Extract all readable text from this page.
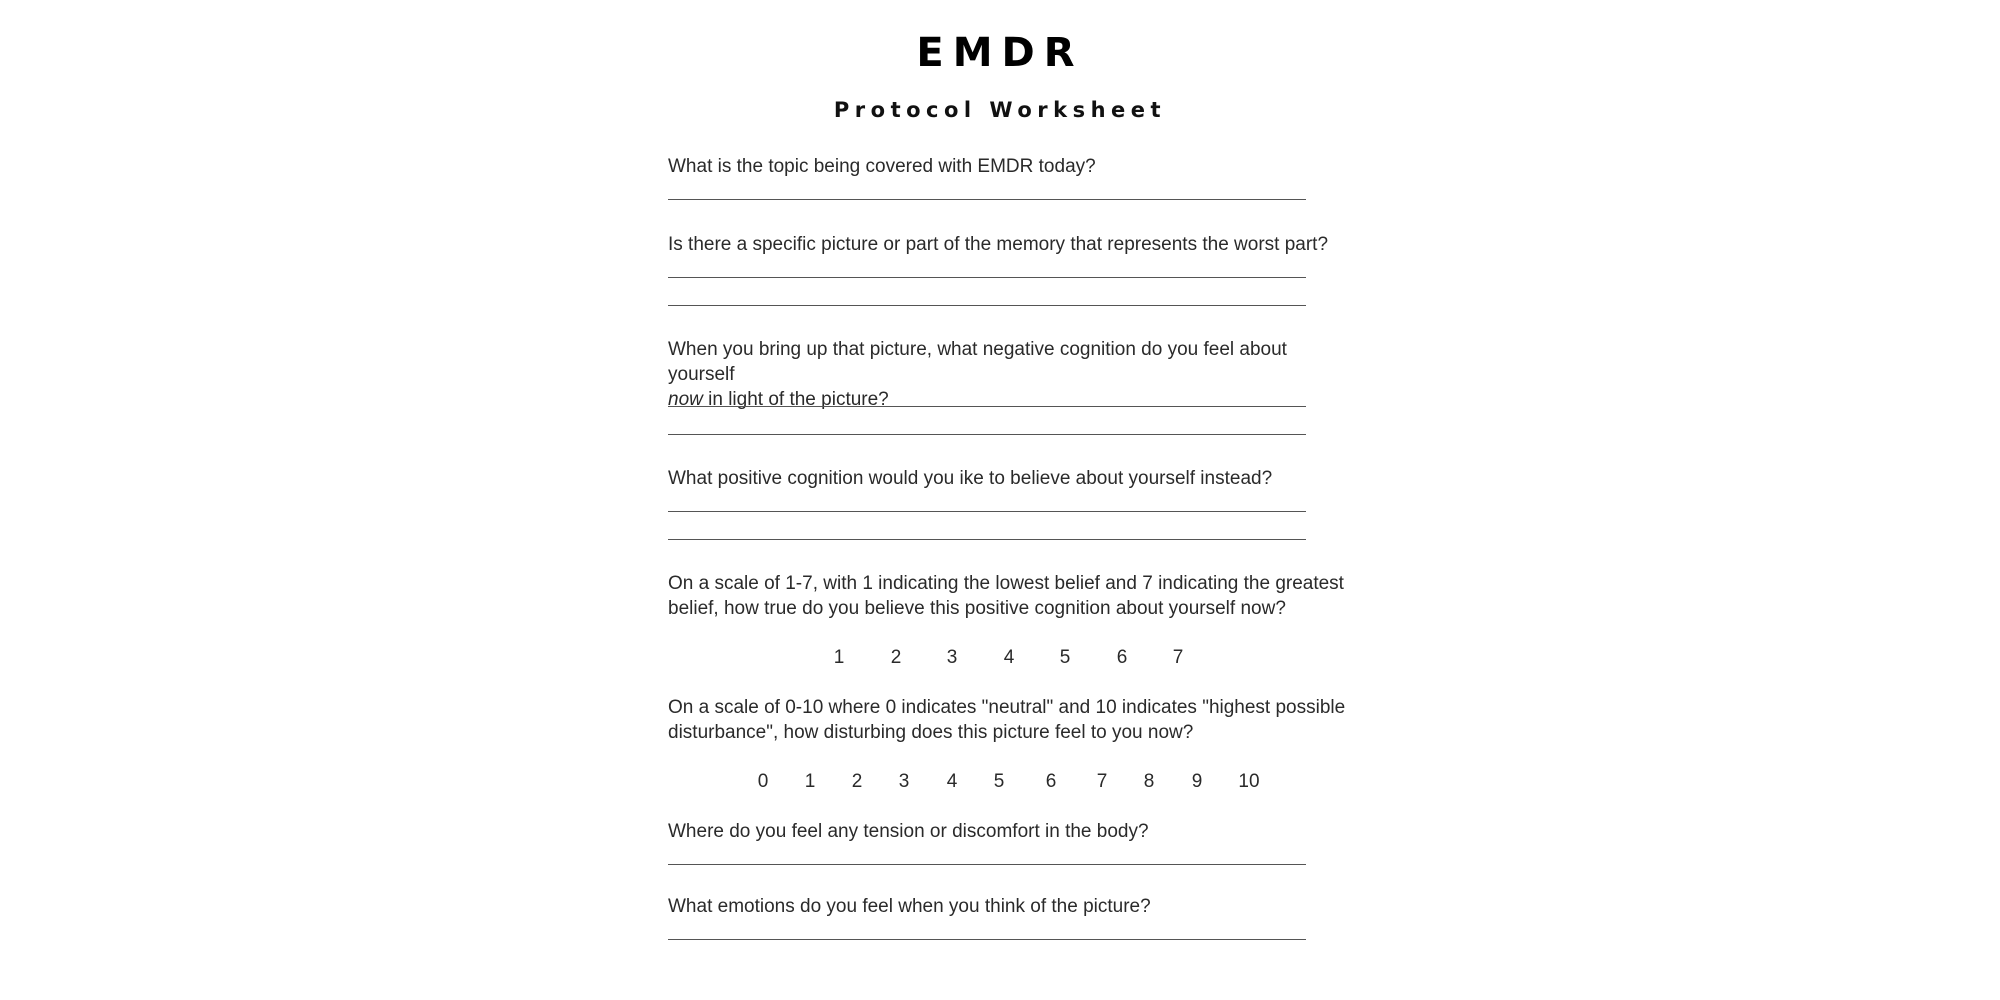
EMDR
Protocol Worksheet

What is the topic being covered with EMDR today?

Is there a specific picture or part of the memory that represents the worst part?

When you bring up that picture, what negative cognition do you feel about yourself
now in light of the picture?

What positive cognition would you ike to believe about yourself instead?

On a scale of 1-7, with 1 indicating the lowest belief and 7 indicating the greatest
belief, how true do you believe this positive cognition about yourself now?
1	2	3	4	5	6	7
On a scale of 0-10 where 0 indicates "neutral" and 10 indicates "highest possible
disturbance", how disturbing does this picture feel to you now?
0	1	2	3	4	5	6	7	8	9	10

Where do you feel any tension or discomfort in the body?

What emotions do you feel when you think of the picture?
